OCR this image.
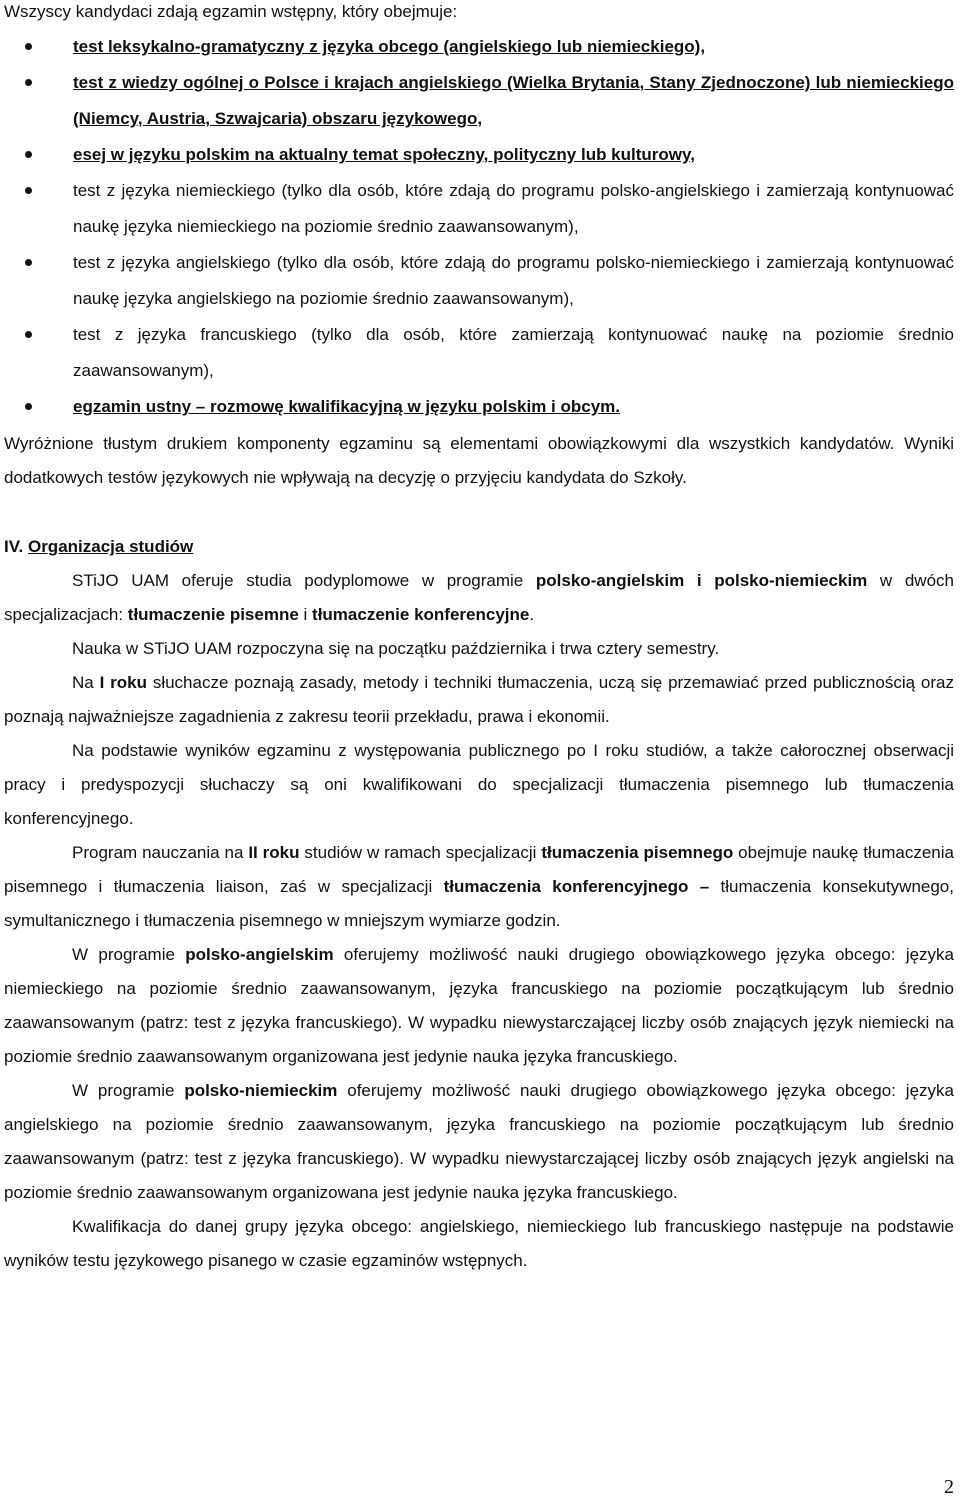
Wszyscy kandydaci zdają egzamin wstępny, który obejmuje:

test leksykalno-gramatyczny z języka obcego (angielskiego lub niemieckiego),
test z wiedzy ogólnej o Polsce i krajach angielskiego (Wielka Brytania, Stany Zjednoczone) lub niemieckiego (Niemcy, Austria, Szwajcaria) obszaru językowego,
esej w języku polskim na aktualny temat społeczny, polityczny lub kulturowy,
test z języka niemieckiego (tylko dla osób, które zdają do programu polsko-angielskiego i zamierzają kontynuować naukę języka niemieckiego na poziomie średnio zaawansowanym),
test z języka angielskiego (tylko dla osób, które zdają do programu polsko-niemieckiego i zamierzają kontynuować naukę języka angielskiego na poziomie średnio zaawansowanym),
test z języka francuskiego (tylko dla osób, które zamierzają kontynuować naukę na poziomie średnio zaawansowanym),
egzamin ustny – rozmowę kwalifikacyjną w języku polskim i obcym.

Wyróżnione tłustym drukiem komponenty egzaminu są elementami obowiązkowymi dla wszystkich kandydatów. Wyniki dodatkowych testów językowych nie wpływają na decyzję o przyjęciu kandydata do Szkoły.

IV. Organizacja studiów

STiJO UAM oferuje studia podyplomowe w programie polsko-angielskim i polsko-niemieckim w dwóch specjalizacjach: tłumaczenie pisemne i tłumaczenie konferencyjne.

Nauka w STiJO UAM rozpoczyna się na początku października i trwa cztery semestry.

Na I roku słuchacze poznają zasady, metody i techniki tłumaczenia, uczą się przemawiać przed publicznością oraz poznają najważniejsze zagadnienia z zakresu teorii przekładu, prawa i ekonomii.

Na podstawie wyników egzaminu z występowania publicznego po I roku studiów, a także całorocznej obserwacji pracy i predyspozycji słuchaczy są oni kwalifikowani do specjalizacji tłumaczenia pisemnego lub tłumaczenia konferencyjnego.

Program nauczania na II roku studiów w ramach specjalizacji tłumaczenia pisemnego obejmuje naukę tłumaczenia pisemnego i tłumaczenia liaison, zaś w specjalizacji tłumaczenia konferencyjnego – tłumaczenia konsekutywnego, symultanicznego i tłumaczenia pisemnego w mniejszym wymiarze godzin.

W programie polsko-angielskim oferujemy możliwość nauki drugiego obowiązkowego języka obcego: języka niemieckiego na poziomie średnio zaawansowanym, języka francuskiego na poziomie początkującym lub średnio zaawansowanym (patrz: test z języka francuskiego). W wypadku niewystarczającej liczby osób znających język niemiecki na poziomie średnio zaawansowanym organizowana jest jedynie nauka języka francuskiego.

W programie polsko-niemieckim oferujemy możliwość nauki drugiego obowiązkowego języka obcego: języka angielskiego na poziomie średnio zaawansowanym, języka francuskiego na poziomie początkującym lub średnio zaawansowanym (patrz: test z języka francuskiego). W wypadku niewystarczającej liczby osób znających język angielski na poziomie średnio zaawansowanym organizowana jest jedynie nauka języka francuskiego.

Kwalifikacja do danej grupy języka obcego: angielskiego, niemieckiego lub francuskiego następuje na podstawie wyników testu językowego pisanego w czasie egzaminów wstępnych.

2
